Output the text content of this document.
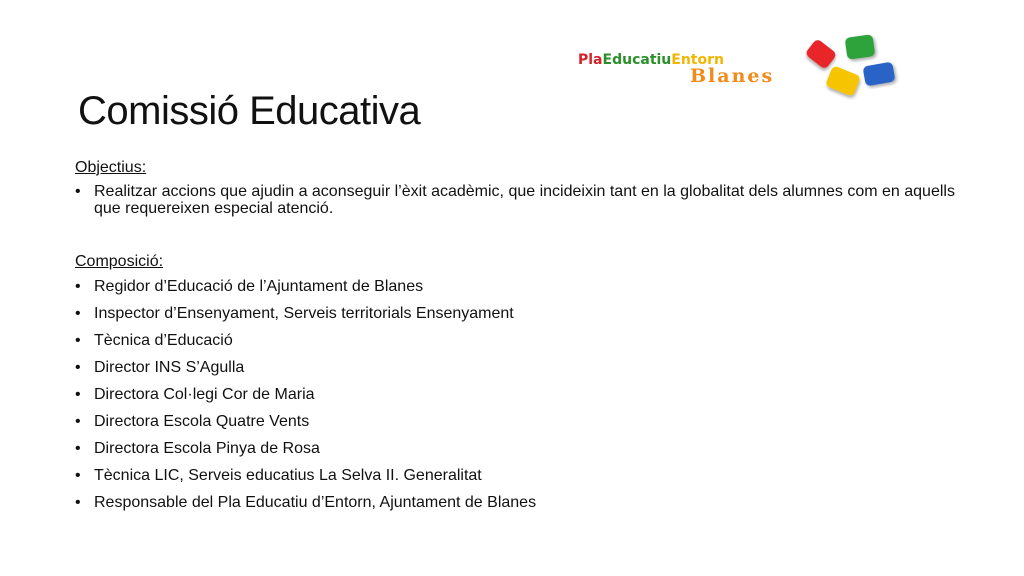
Comissió Educativa
PlaEducatiuEntorn
Blanes
Objectius:
• Realitzar accions que ajudin a aconseguir l’èxit acadèmic, que incideixin tant en la globalitat dels alumnes com en aquells que requereixen especial atenció.
Composició:
• Regidor d’Educació de l’Ajuntament de Blanes
• Inspector d’Ensenyament, Serveis territorials Ensenyament
• Tècnica d’Educació
• Director INS S’Agulla
• Directora Col·legi Cor de Maria
• Directora Escola Quatre Vents
• Directora Escola Pinya de Rosa
• Tècnica LIC, Serveis educatius La Selva II. Generalitat
• Responsable del Pla Educatiu d’Entorn, Ajuntament de Blanes
